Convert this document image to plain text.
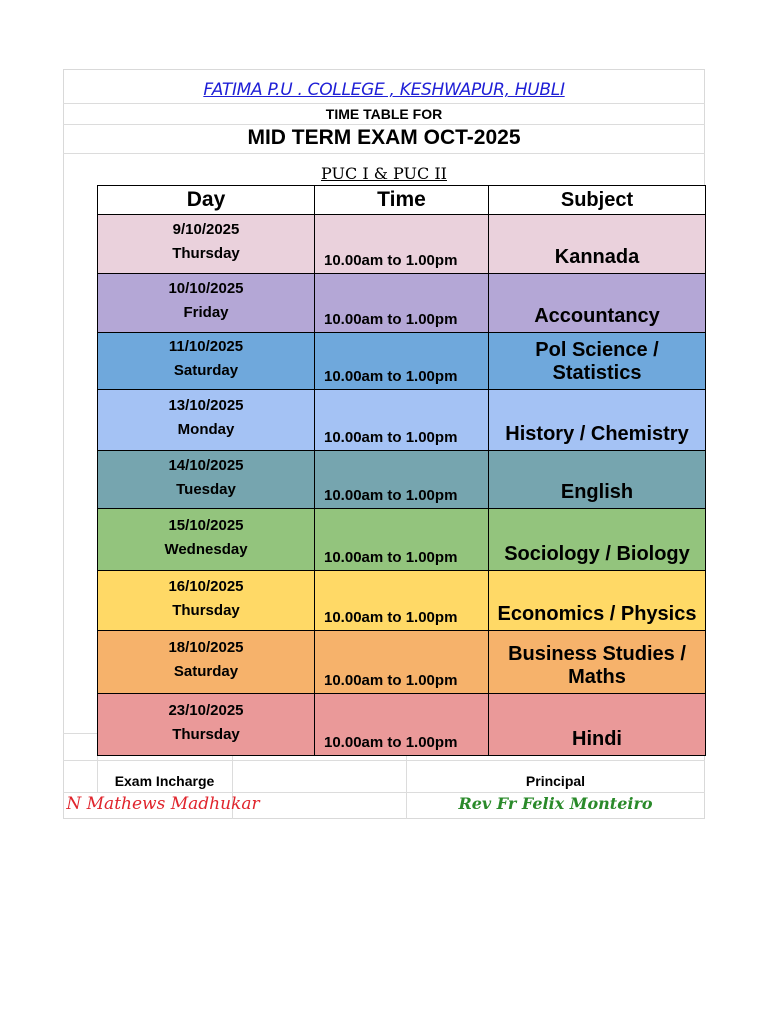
FATIMA P.U . COLLEGE , KESHWAPUR, HUBLI
TIME TABLE FOR
MID TERM EXAM OCT-2025
PUC I & PUC II
Day	Time	Subject

9/10/2025
Thursday	10.00am to 1.00pm	Kannada

10/10/2025
Friday	10.00am to 1.00pm	Accountancy

11/10/2025
Saturday	10.00am to 1.00pm	Pol Science / Statistics

13/10/2025
Monday	10.00am to 1.00pm	History / Chemistry

14/10/2025
Tuesday	10.00am to 1.00pm	English

15/10/2025
Wednesday	10.00am to 1.00pm	Sociology / Biology

16/10/2025
Thursday	10.00am to 1.00pm	Economics / Physics

18/10/2025
Saturday	10.00am to 1.00pm	Business Studies / Maths

23/10/2025
Thursday	10.00am to 1.00pm	Hindi
Exam Incharge	Principal
N Mathews Madhukar	Rev Fr Felix Monteiro
